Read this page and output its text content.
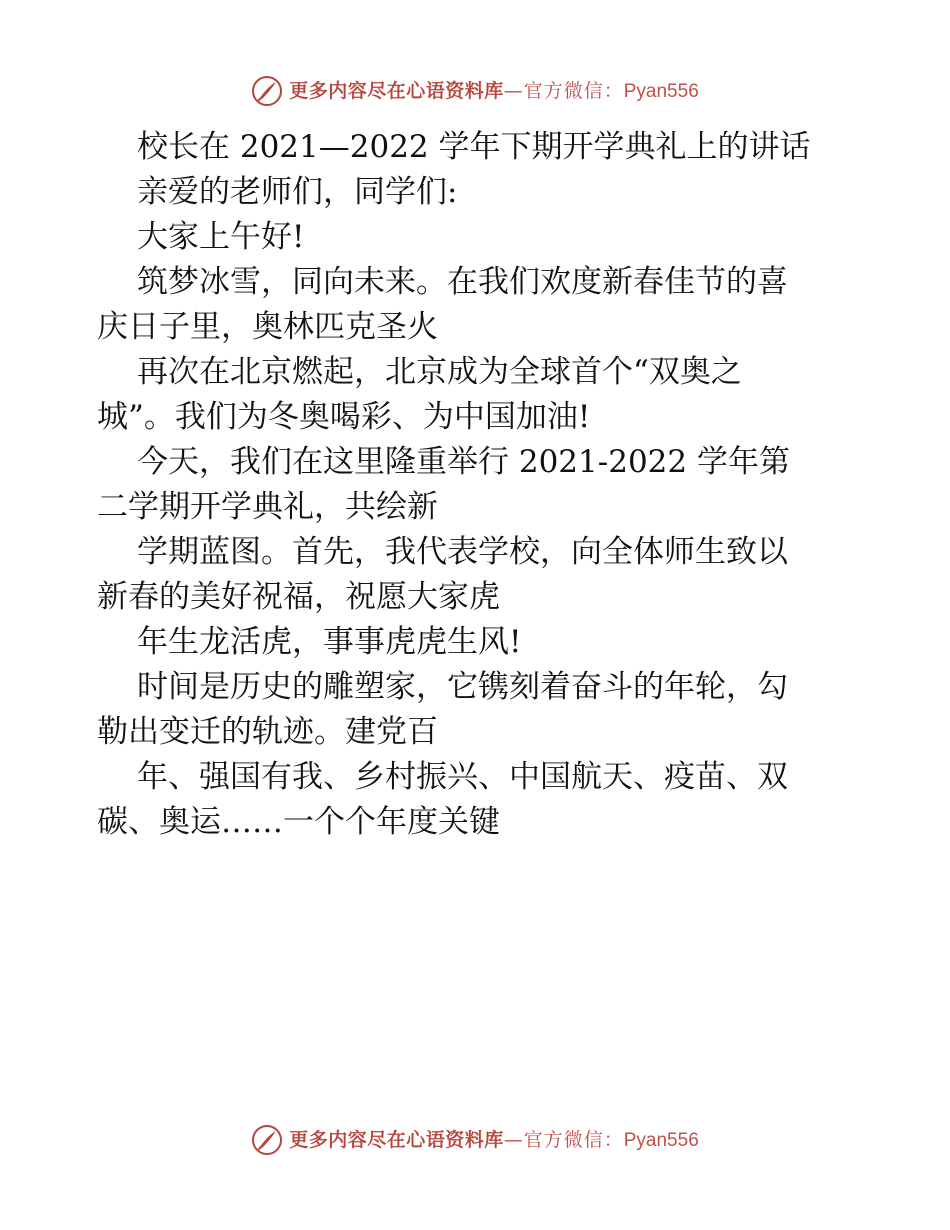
更多内容尽在心语资料库 —官方微信：Pyan556
校长在 2021—2022 学年下期开学典礼上的讲话
亲爱的老师们，同学们:
大家上午好!
筑梦冰雪，同向未来。在我们欢度新春佳节的喜
庆日子里，奥林匹克圣火
再次在北京燃起，北京成为全球首个“双奥之
城”。我们为冬奥喝彩、为中国加油!
今天，我们在这里隆重举行 2021-2022 学年第
二学期开学典礼，共绘新
学期蓝图。首先，我代表学校，向全体师生致以
新春的美好祝福，祝愿大家虎
年生龙活虎，事事虎虎生风!
时间是历史的雕塑家，它镌刻着奋斗的年轮，勾
勒出变迁的轨迹。建党百
年、强国有我、乡村振兴、中国航天、疫苗、双
碳、奥运……一个个年度关键
更多内容尽在心语资料库 —官方微信：Pyan556
